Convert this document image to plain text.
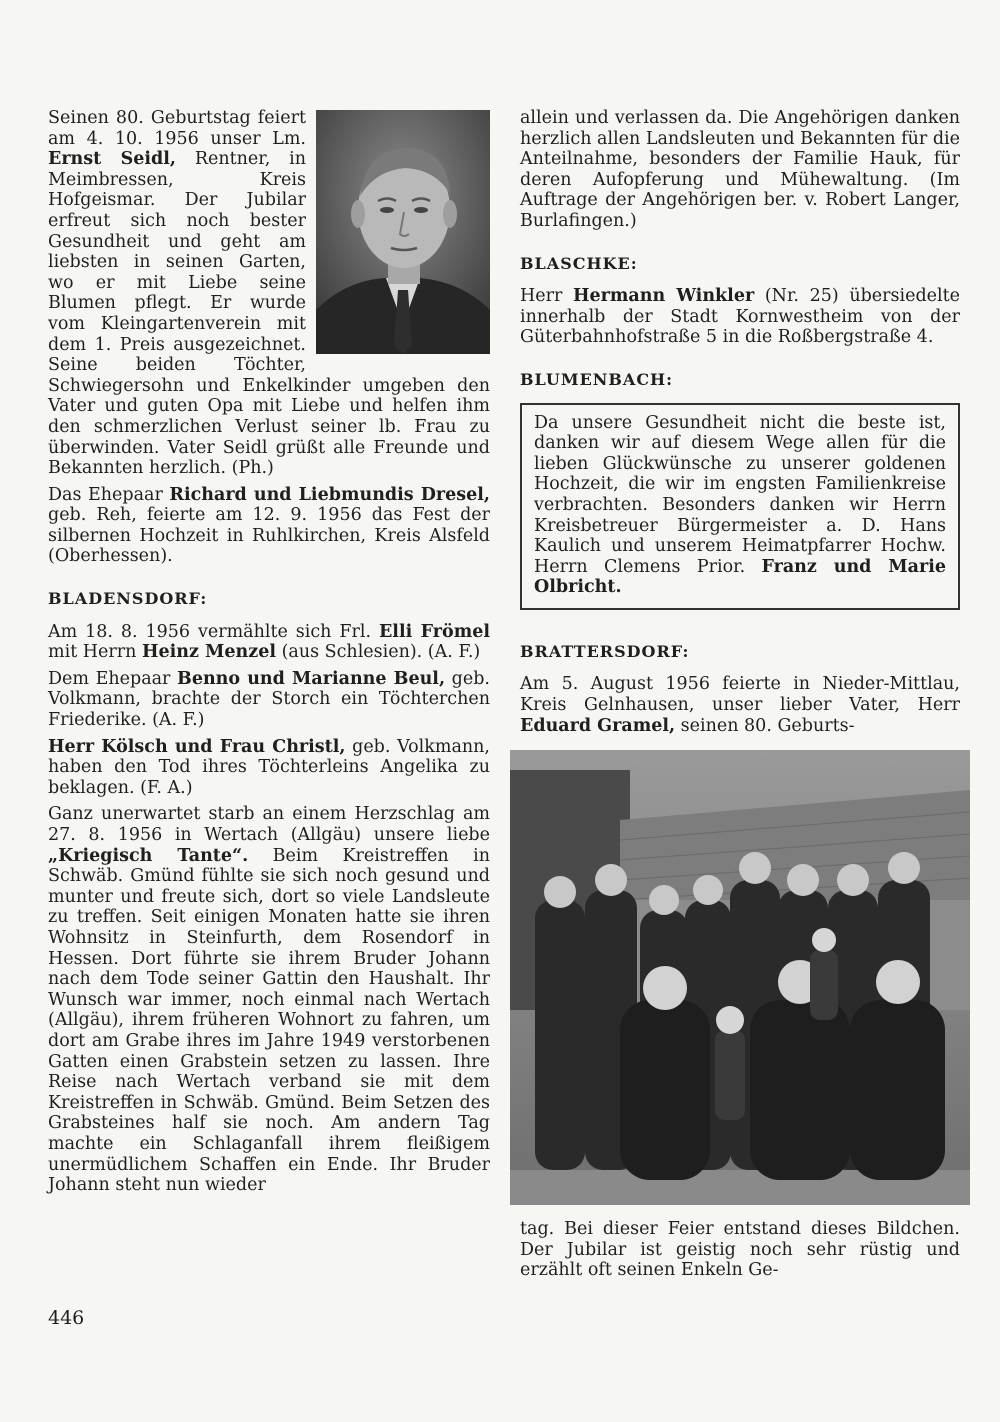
Seinen 80. Geburtstag feiert am 4. 10. 1956 unser Lm. Ernst Seidl, Rentner, in Meimbressen, Kreis Hofgeismar. Der Jubilar erfreut sich noch bester Gesundheit und geht am liebsten in seinen Garten, wo er mit Liebe seine Blumen pflegt. Er wurde vom Kleingartenverein mit dem 1. Preis ausgezeichnet. Seine beiden Töchter, Schwiegersohn und Enkelkinder umgeben den Vater und guten Opa mit Liebe und helfen ihm den schmerzlichen Verlust seiner lb. Frau zu überwinden. Vater Seidl grüßt alle Freunde und Bekannten herzlich. (Ph.)

Das Ehepaar Richard und Liebmundis Dresel, geb. Reh, feierte am 12. 9. 1956 das Fest der silbernen Hochzeit in Ruhlkirchen, Kreis Alsfeld (Oberhessen).

BLADENSDORF:

Am 18. 8. 1956 vermählte sich Frl. Elli Frömel mit Herrn Heinz Menzel (aus Schlesien). (A. F.)

Dem Ehepaar Benno und Marianne Beul, geb. Volkmann, brachte der Storch ein Töchterchen Friederike. (A. F.)

Herr Kölsch und Frau Christl, geb. Volkmann, haben den Tod ihres Töchterleins Angelika zu beklagen. (F. A.)

Ganz unerwartet starb an einem Herzschlag am 27. 8. 1956 in Wertach (Allgäu) unsere liebe „Kriegisch Tante“. Beim Kreistreffen in Schwäb. Gmünd fühlte sie sich noch gesund und munter und freute sich, dort so viele Landsleute zu treffen. Seit einigen Monaten hatte sie ihren Wohnsitz in Steinfurth, dem Rosendorf in Hessen. Dort führte sie ihrem Bruder Johann nach dem Tode seiner Gattin den Haushalt. Ihr Wunsch war immer, noch einmal nach Wertach (Allgäu), ihrem früheren Wohnort zu fahren, um dort am Grabe ihres im Jahre 1949 verstorbenen Gatten einen Grabstein setzen zu lassen. Ihre Reise nach Wertach verband sie mit dem Kreistreffen in Schwäb. Gmünd. Beim Setzen des Grabsteines half sie noch. Am andern Tag machte ein Schlaganfall ihrem fleißigem unermüdlichem Schaffen ein Ende. Ihr Bruder Johann steht nun wieder

allein und verlassen da. Die Angehörigen danken herzlich allen Landsleuten und Bekannten für die Anteilnahme, besonders der Familie Hauk, für deren Aufopferung und Mühewaltung. (Im Auftrage der Angehörigen ber. v. Robert Langer, Burlafingen.)

BLASCHKE:

Herr Hermann Winkler (Nr. 25) übersiedelte innerhalb der Stadt Kornwestheim von der Güterbahnhofstraße 5 in die Roßbergstraße 4.

BLUMENBACH:
Da unsere Gesundheit nicht die beste ist, danken wir auf diesem Wege allen für die lieben Glückwünsche zu unserer goldenen Hochzeit, die wir im engsten Familienkreise verbrachten. Besonders danken wir Herrn Kreisbetreuer Bürgermeister a. D. Hans Kaulich und unserem Heimatpfarrer Hochw. Herrn Clemens Prior. Franz und Marie Olbricht.
BRATTERSDORF:

Am 5. August 1956 feierte in Nieder-Mittlau, Kreis Gelnhausen, unser lieber Vater, Herr Eduard Gramel, seinen 80. Geburts-

tag. Bei dieser Feier entstand dieses Bildchen. Der Jubilar ist geistig noch sehr rüstig und erzählt oft seinen Enkeln Ge-

446
